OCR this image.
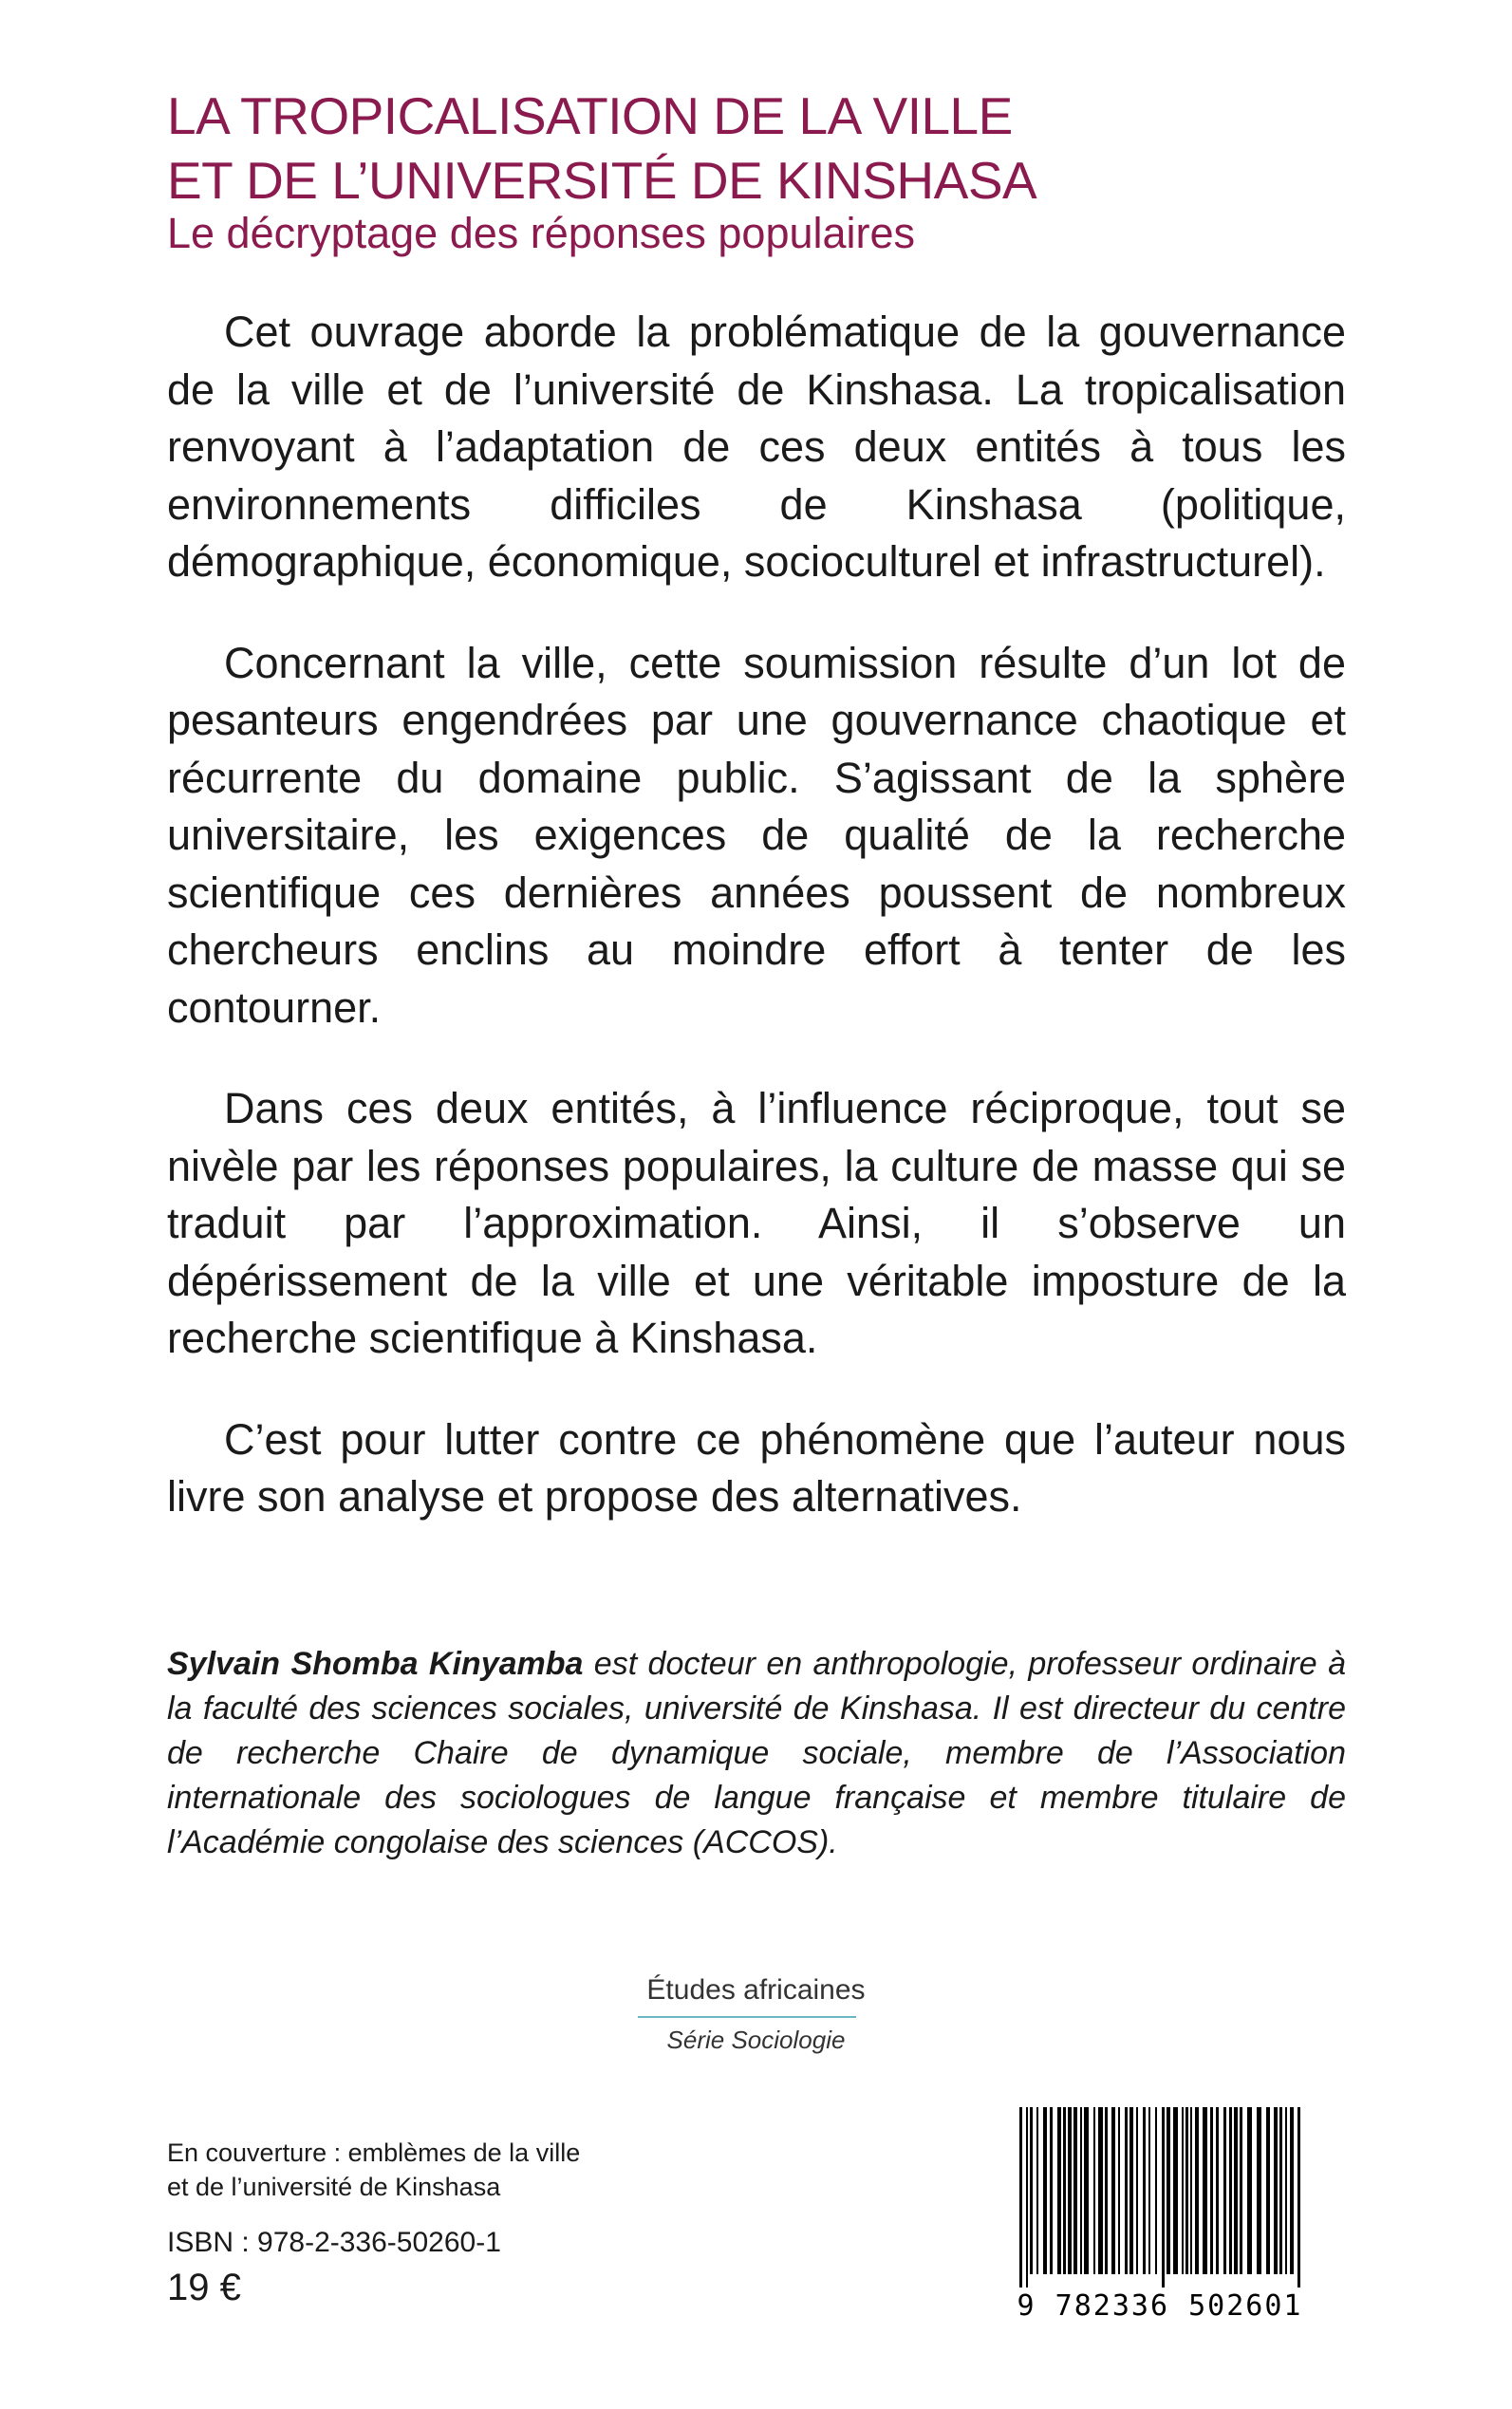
LA TROPICALISATION DE LA VILLE
ET DE L’UNIVERSITÉ DE KINSHASA

Le décryptage des réponses populaires

Cet ouvrage aborde la problématique de la gouvernance de la ville et de l’université de Kinshasa. La tropicalisation renvoyant à l’adaptation de ces deux entités à tous les environnements difficiles de Kinshasa (politique, démographique, économique, socioculturel et infrastructurel).

Concernant la ville, cette soumission résulte d’un lot de pesanteurs engendrées par une gouvernance chaotique et récurrente du domaine public. S’agissant de la sphère universitaire, les exigences de qualité de la recherche scientifique ces dernières années poussent de nombreux chercheurs enclins au moindre effort à tenter de les contourner.

Dans ces deux entités, à l’influence réciproque, tout se nivèle par les réponses populaires, la culture de masse qui se traduit par l’approximation. Ainsi, il s’observe un dépérissement de la ville et une véritable imposture de la recherche scientifique à Kinshasa.

C’est pour lutter contre ce phénomène que l’auteur nous livre son analyse et propose des alternatives.

Sylvain Shomba Kinyamba est docteur en anthropologie, professeur ordinaire à la faculté des sciences sociales, université de Kinshasa. Il est directeur du centre de recherche Chaire de dynamique sociale, membre de l’Association internationale des sociologues de langue française et membre titulaire de l’Académie congolaise des sciences (ACCOS).

Études africaines
Série Sociologie
En couverture : emblèmes de la ville
et de l’université de Kinshasa
ISBN : 978-2-336-50260-1
19 €	9 782336 502601
